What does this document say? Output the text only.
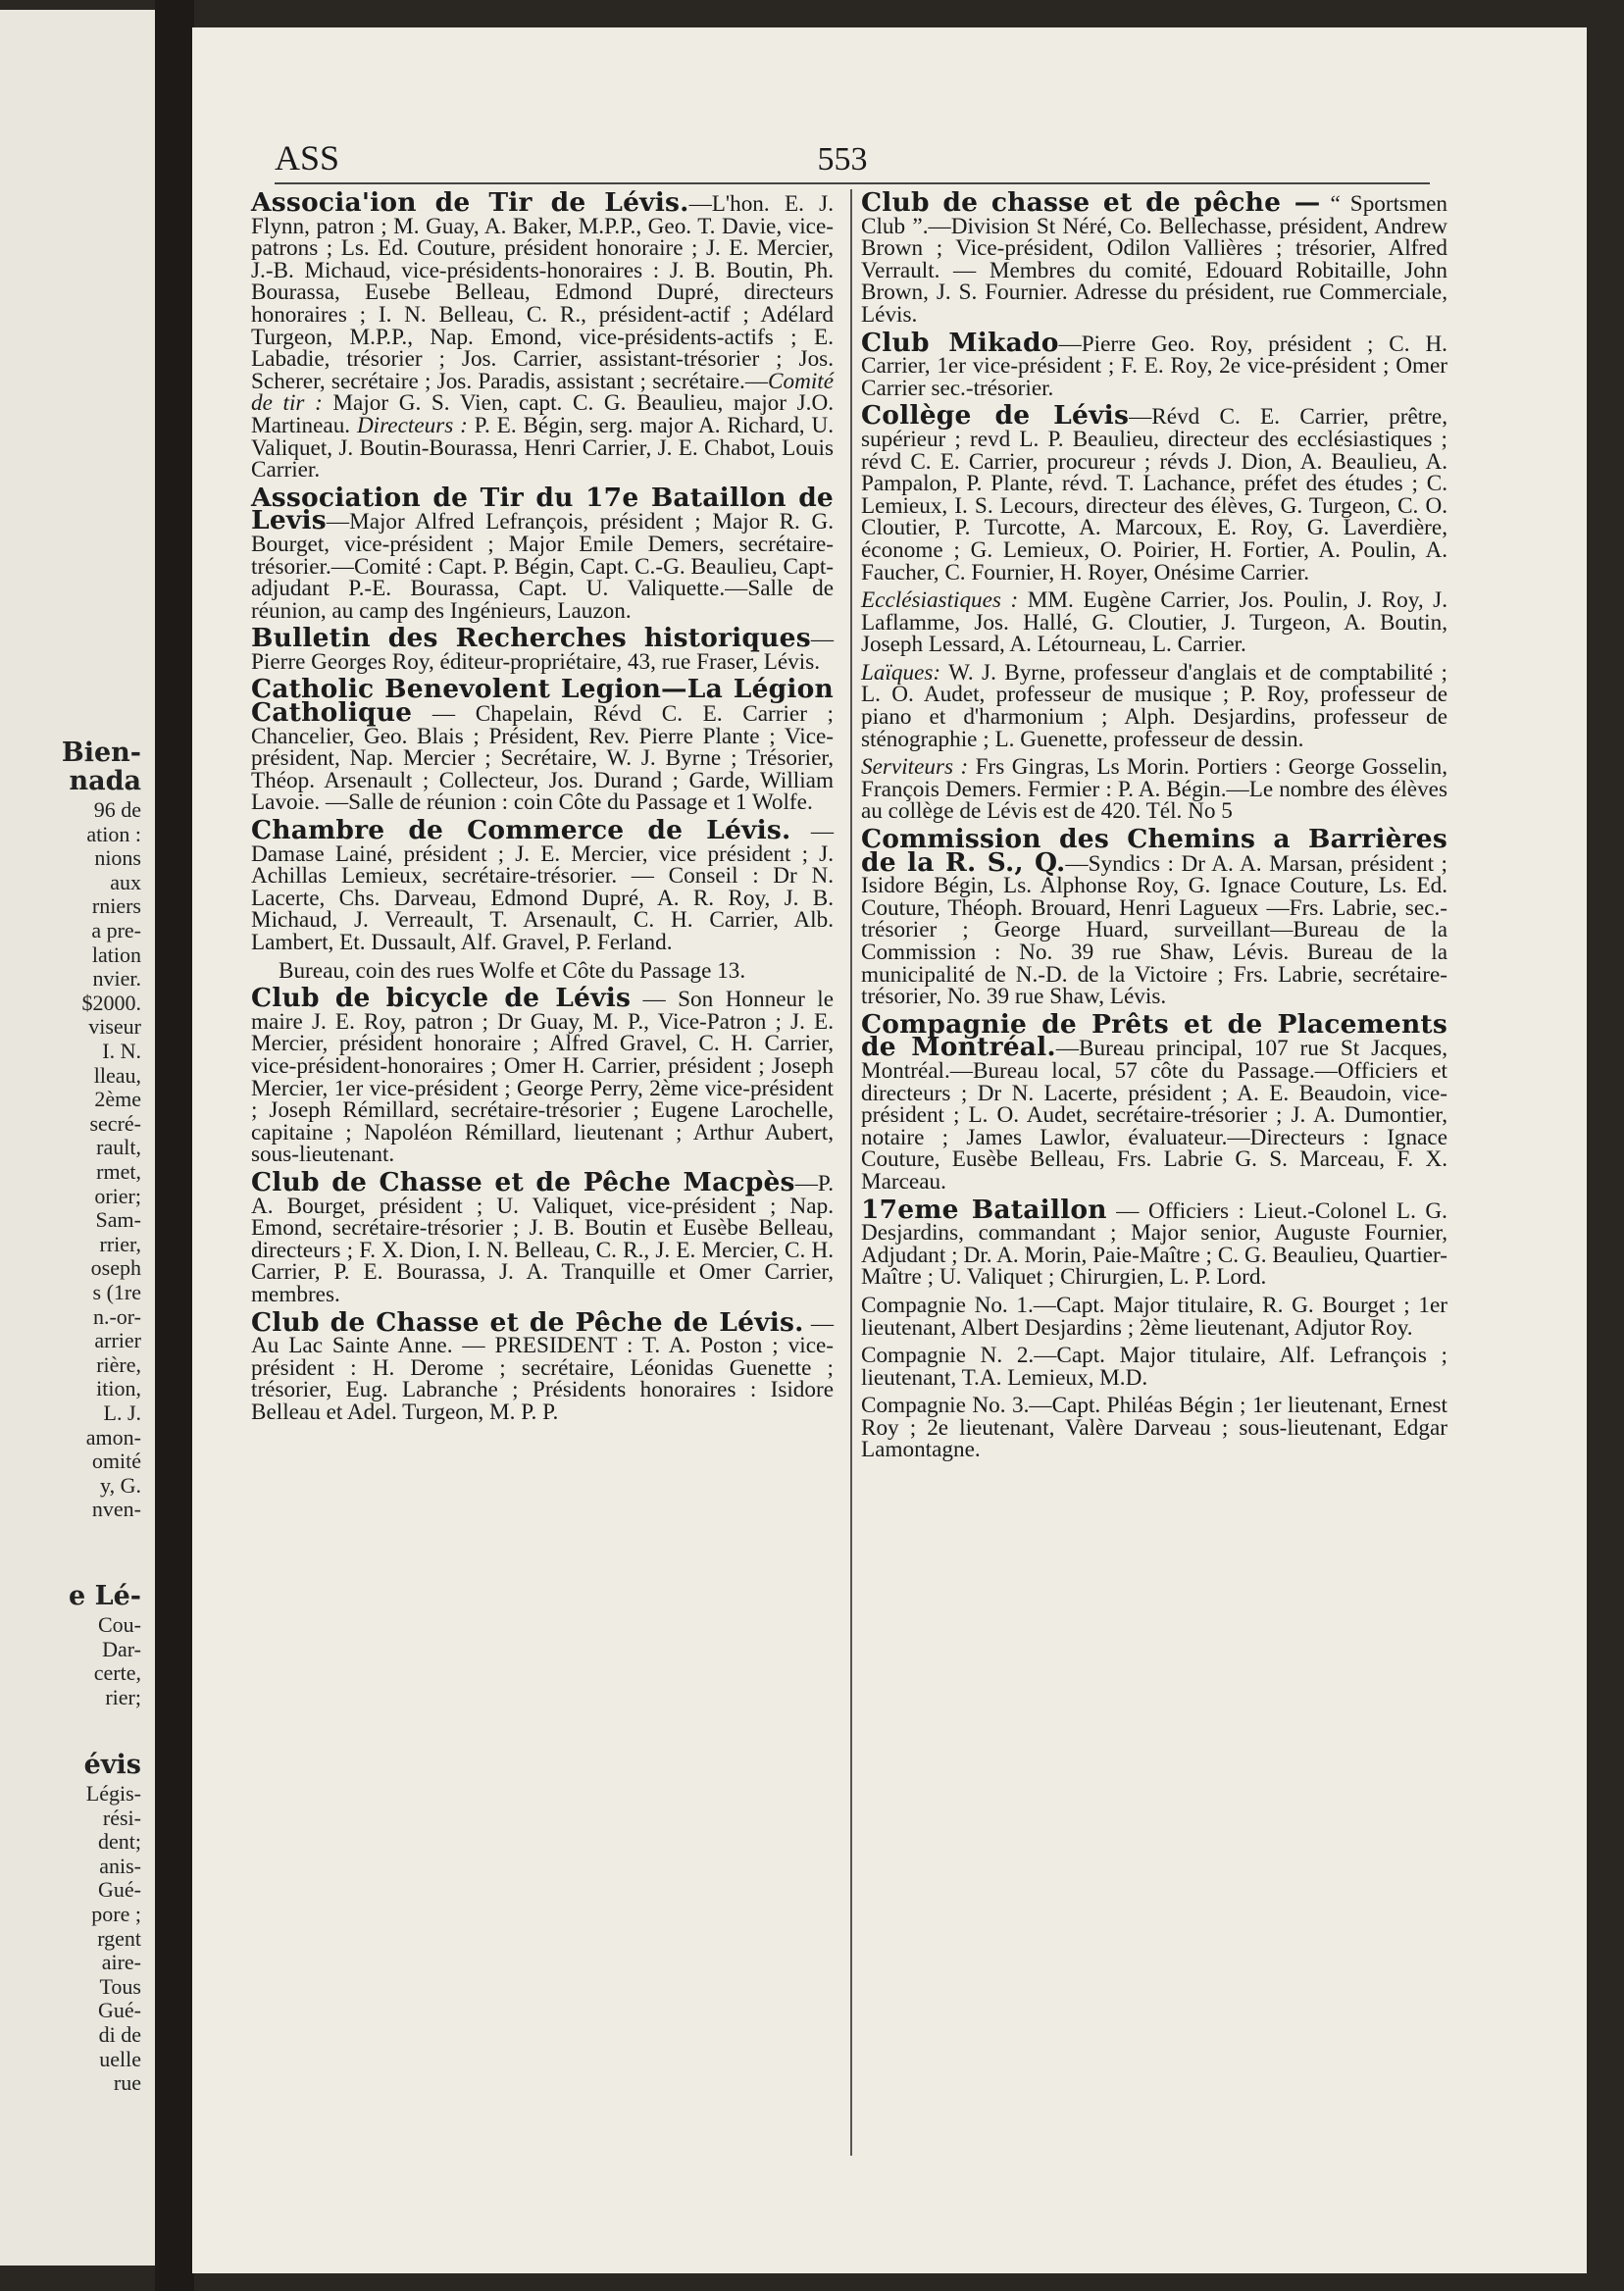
Bien-
nada
96 de
ation :
nions
aux
rniers
a pre-
lation
nvier.
$2000.
viseur
I. N.
lleau,
2ème
secré-
rault,
rmet,
orier;
Sam-
rrier,
oseph
s (1re
n.-or-
arrier
rière,
ition,
L. J.
amon-
omité
y, G.
nven-
e Lé-
Cou-
Dar-
certe,
rier;
évis
Légis-
rési-
dent;
anis-
Gué-
pore ;
rgent
aire-
Tous
Gué-
di de
uelle
rue
ASS	553

Associa'ion de Tir de Lévis.—L'hon. E. J. Flynn, patron ; M. Guay, A. Baker, M.P.P., Geo. T. Davie, vice-patrons ; Ls. Ed. Couture, président honoraire ; J. E. Mercier, J.-B. Michaud, vice-présidents-honoraires : J. B. Boutin, Ph. Bourassa, Eusebe Belleau, Edmond Dupré, directeurs honoraires ; I. N. Belleau, C. R., président-actif ; Adélard Turgeon, M.P.P., Nap. Emond, vice-présidents-actifs ; E. Labadie, trésorier ; Jos. Carrier, assistant-trésorier ; Jos. Scherer, secrétaire ; Jos. Paradis, assistant ; secrétaire.—Comité de tir : Major G. S. Vien, capt. C. G. Beaulieu, major J.O. Martineau. Directeurs : P. E. Bégin, serg. major A. Richard, U. Valiquet, J. Boutin-Bourassa, Henri Carrier, J. E. Chabot, Louis Carrier.

Association de Tir du 17e Bataillon de Levis—Major Alfred Lefrançois, président ; Major R. G. Bourget, vice-président ; Major Emile Demers, secrétaire-trésorier.—Comité : Capt. P. Bégin, Capt. C.-G. Beaulieu, Capt-adjudant P.-E. Bourassa, Capt. U. Valiquette.—Salle de réunion, au camp des Ingénieurs, Lauzon.

Bulletin des Recherches historiques—Pierre Georges Roy, éditeur-propriétaire, 43, rue Fraser, Lévis.

Catholic Benevolent Legion—La Légion Catholique — Chapelain, Révd C. E. Carrier ; Chancelier, Geo. Blais ; Président, Rev. Pierre Plante ; Vice-président, Nap. Mercier ; Secrétaire, W. J. Byrne ; Trésorier, Théop. Arsenault ; Collecteur, Jos. Durand ; Garde, William Lavoie. —Salle de réunion : coin Côte du Passage et 1 Wolfe.

Chambre de Commerce de Lévis. —Damase Lainé, président ; J. E. Mercier, vice président ; J. Achillas Lemieux, secrétaire-trésorier. — Conseil : Dr N. Lacerte, Chs. Darveau, Edmond Dupré, A. R. Roy, J. B. Michaud, J. Verreault, T. Arsenault, C. H. Carrier, Alb. Lambert, Et. Dussault, Alf. Gravel, P. Ferland.

Bureau, coin des rues Wolfe et Côte du Passage 13.

Club de bicycle de Lévis — Son Honneur le maire J. E. Roy, patron ; Dr Guay, M. P., Vice-Patron ; J. E. Mercier, président honoraire ; Alfred Gravel, C. H. Carrier, vice-président-honoraires ; Omer H. Carrier, président ; Joseph Mercier, 1er vice-président ; George Perry, 2ème vice-président ; Joseph Rémillard, secrétaire-trésorier ; Eugene Larochelle, capitaine ; Napoléon Rémillard, lieutenant ; Arthur Aubert, sous-lieutenant.

Club de Chasse et de Pêche Macpès—P. A. Bourget, président ; U. Valiquet, vice-président ; Nap. Emond, secrétaire-trésorier ; J. B. Boutin et Eusèbe Belleau, directeurs ; F. X. Dion, I. N. Belleau, C. R., J. E. Mercier, C. H. Carrier, P. E. Bourassa, J. A. Tranquille et Omer Carrier, membres.

Club de Chasse et de Pêche de Lévis. — Au Lac Sainte Anne. — PRESIDENT : T. A. Poston ; vice-président : H. Derome ; secrétaire, Léonidas Guenette ; trésorier, Eug. Labranche ; Présidents honoraires : Isidore Belleau et Adel. Turgeon, M. P. P.

Club de chasse et de pêche — “ Sportsmen Club ”.—Division St Néré, Co. Bellechasse, président, Andrew Brown ; Vice-président, Odilon Vallières ; trésorier, Alfred Verrault. — Membres du comité, Edouard Robitaille, John Brown, J. S. Fournier. Adresse du président, rue Commerciale, Lévis.

Club Mikado—Pierre Geo. Roy, président ; C. H. Carrier, 1er vice-président ; F. E. Roy, 2e vice-président ; Omer Carrier sec.-trésorier.

Collège de Lévis—Révd C. E. Carrier, prêtre, supérieur ; revd L. P. Beaulieu, directeur des ecclésiastiques ; révd C. E. Carrier, procureur ; révds J. Dion, A. Beaulieu, A. Pampalon, P. Plante, révd. T. Lachance, préfet des études ; C. Lemieux, I. S. Lecours, directeur des élèves, G. Turgeon, C. O. Cloutier, P. Turcotte, A. Marcoux, E. Roy, G. Laverdière, économe ; G. Lemieux, O. Poirier, H. Fortier, A. Poulin, A. Faucher, C. Fournier, H. Royer, Onésime Carrier.

Ecclésiastiques : MM. Eugène Carrier, Jos. Poulin, J. Roy, J. Laflamme, Jos. Hallé, G. Cloutier, J. Turgeon, A. Boutin, Joseph Lessard, A. Létourneau, L. Carrier.

Laïques: W. J. Byrne, professeur d'anglais et de comptabilité ; L. O. Audet, professeur de musique ; P. Roy, professeur de piano et d'harmonium ; Alph. Desjardins, professeur de sténographie ; L. Guenette, professeur de dessin.

Serviteurs : Frs Gingras, Ls Morin. Portiers : George Gosselin, François Demers. Fermier : P. A. Bégin.—Le nombre des élèves au collège de Lévis est de 420. Tél. No 5

Commission des Chemins a Barrières de la R. S., Q.—Syndics : Dr A. A. Marsan, président ; Isidore Bégin, Ls. Alphonse Roy, G. Ignace Couture, Ls. Ed. Couture, Théoph. Brouard, Henri Lagueux —Frs. Labrie, sec.-trésorier ; George Huard, surveillant—Bureau de la Commission : No. 39 rue Shaw, Lévis. Bureau de la municipalité de N.-D. de la Victoire ; Frs. Labrie, secrétaire-trésorier, No. 39 rue Shaw, Lévis.

Compagnie de Prêts et de Placements de Montréal.—Bureau principal, 107 rue St Jacques, Montréal.—Bureau local, 57 côte du Passage.—Officiers et directeurs ; Dr N. Lacerte, président ; A. E. Beaudoin, vice-président ; L. O. Audet, secrétaire-trésorier ; J. A. Dumontier, notaire ; James Lawlor, évaluateur.—Directeurs : Ignace Couture, Eusèbe Belleau, Frs. Labrie G. S. Marceau, F. X. Marceau.

17eme Bataillon — Officiers : Lieut.-Colonel L. G. Desjardins, commandant ; Major senior, Auguste Fournier, Adjudant ; Dr. A. Morin, Paie-Maître ; C. G. Beaulieu, Quartier-Maître ; U. Valiquet ; Chirurgien, L. P. Lord.

Compagnie No. 1.—Capt. Major titulaire, R. G. Bourget ; 1er lieutenant, Albert Desjardins ; 2ème lieutenant, Adjutor Roy.

Compagnie N. 2.—Capt. Major titulaire, Alf. Lefrançois ; lieutenant, T.A. Lemieux, M.D.

Compagnie No. 3.—Capt. Philéas Bégin ; 1er lieutenant, Ernest Roy ; 2e lieutenant, Valère Darveau ; sous-lieutenant, Edgar Lamontagne.
